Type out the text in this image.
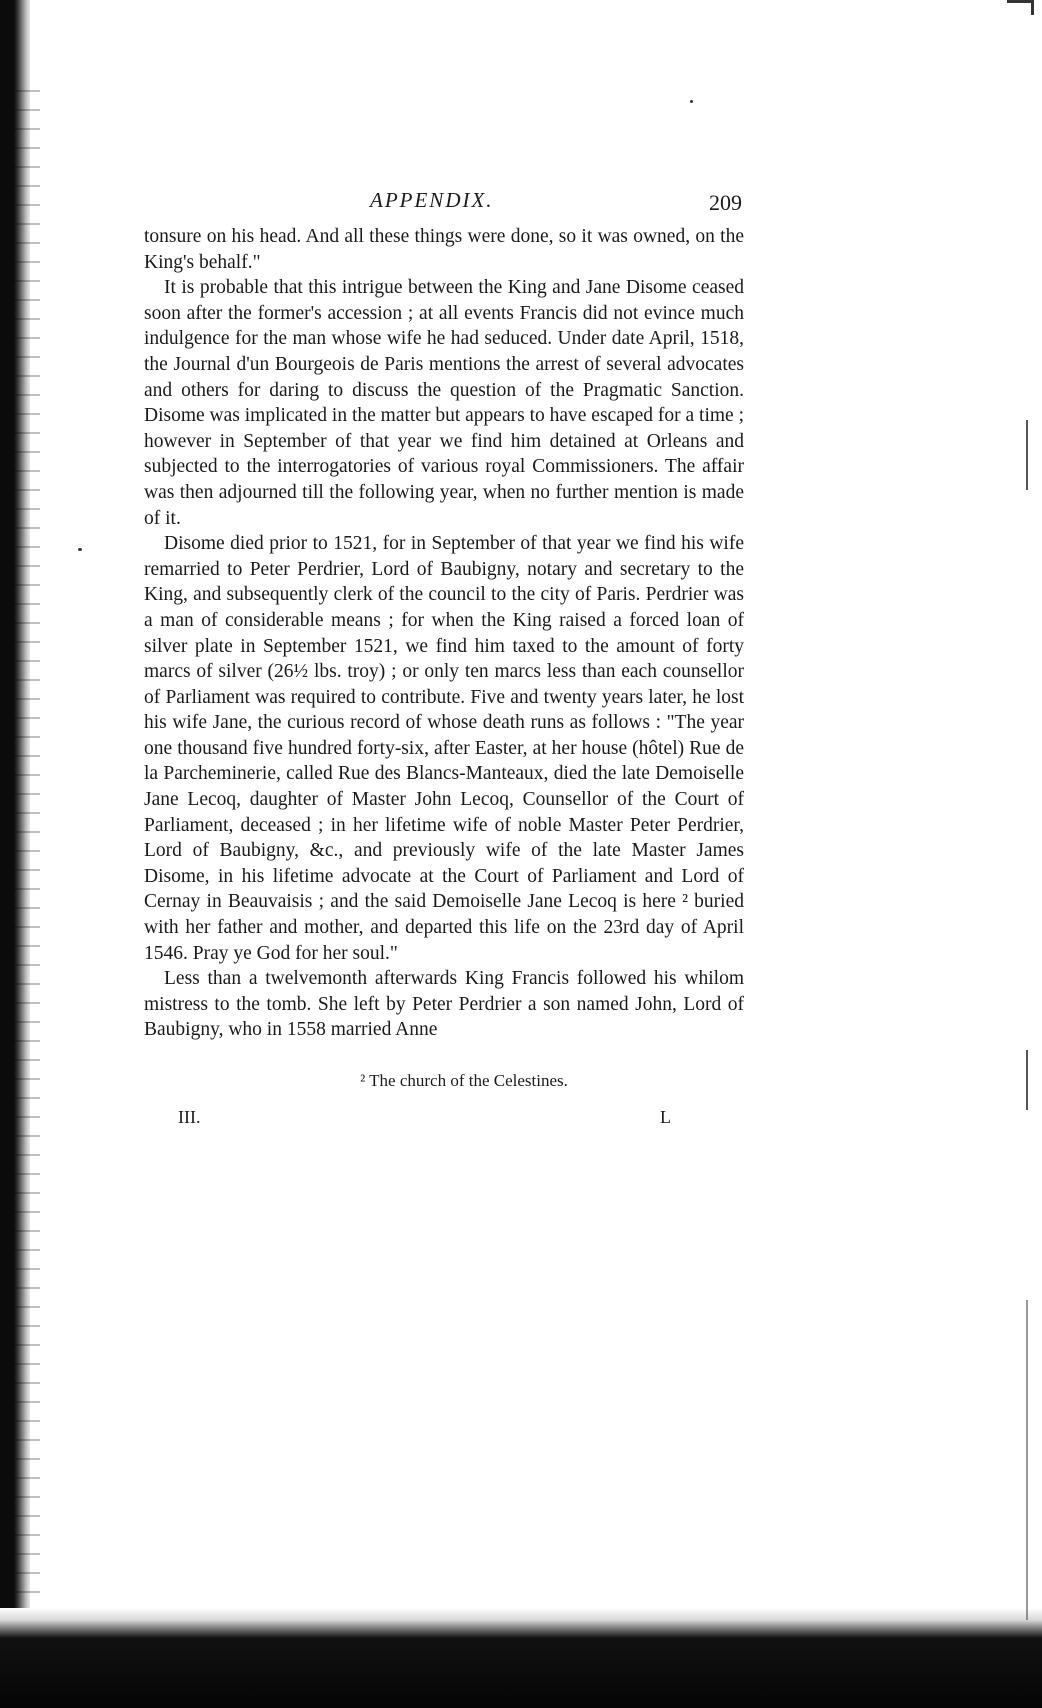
APPENDIX.	209

tonsure on his head. And all these things were done, so it was owned, on the King's behalf."

It is probable that this intrigue between the King and Jane Disome ceased soon after the former's accession ; at all events Francis did not evince much indulgence for the man whose wife he had seduced. Under date April, 1518, the Journal d'un Bourgeois de Paris mentions the arrest of several advocates and others for daring to discuss the question of the Pragmatic Sanction. Disome was implicated in the matter but appears to have escaped for a time ; however in September of that year we find him detained at Orleans and subjected to the interrogatories of various royal Commissioners. The affair was then adjourned till the following year, when no further mention is made of it.

Disome died prior to 1521, for in September of that year we find his wife remarried to Peter Perdrier, Lord of Baubigny, notary and secretary to the King, and subsequently clerk of the council to the city of Paris. Perdrier was a man of considerable means ; for when the King raised a forced loan of silver plate in September 1521, we find him taxed to the amount of forty marcs of silver (26½ lbs. troy) ; or only ten marcs less than each counsellor of Parliament was required to contribute. Five and twenty years later, he lost his wife Jane, the curious record of whose death runs as follows : "The year one thousand five hundred forty-six, after Easter, at her house (hôtel) Rue de la Parcheminerie, called Rue des Blancs-Manteaux, died the late Demoiselle Jane Lecoq, daughter of Master John Lecoq, Counsellor of the Court of Parliament, deceased ; in her lifetime wife of noble Master Peter Perdrier, Lord of Baubigny, &c., and previously wife of the late Master James Disome, in his lifetime advocate at the Court of Parliament and Lord of Cernay in Beauvaisis ; and the said Demoiselle Jane Lecoq is here ² buried with her father and mother, and departed this life on the 23rd day of April 1546. Pray ye God for her soul."

Less than a twelvemonth afterwards King Francis followed his whilom mistress to the tomb. She left by Peter Perdrier a son named John, Lord of Baubigny, who in 1558 married Anne

² The church of the Celestines.
III.	L
